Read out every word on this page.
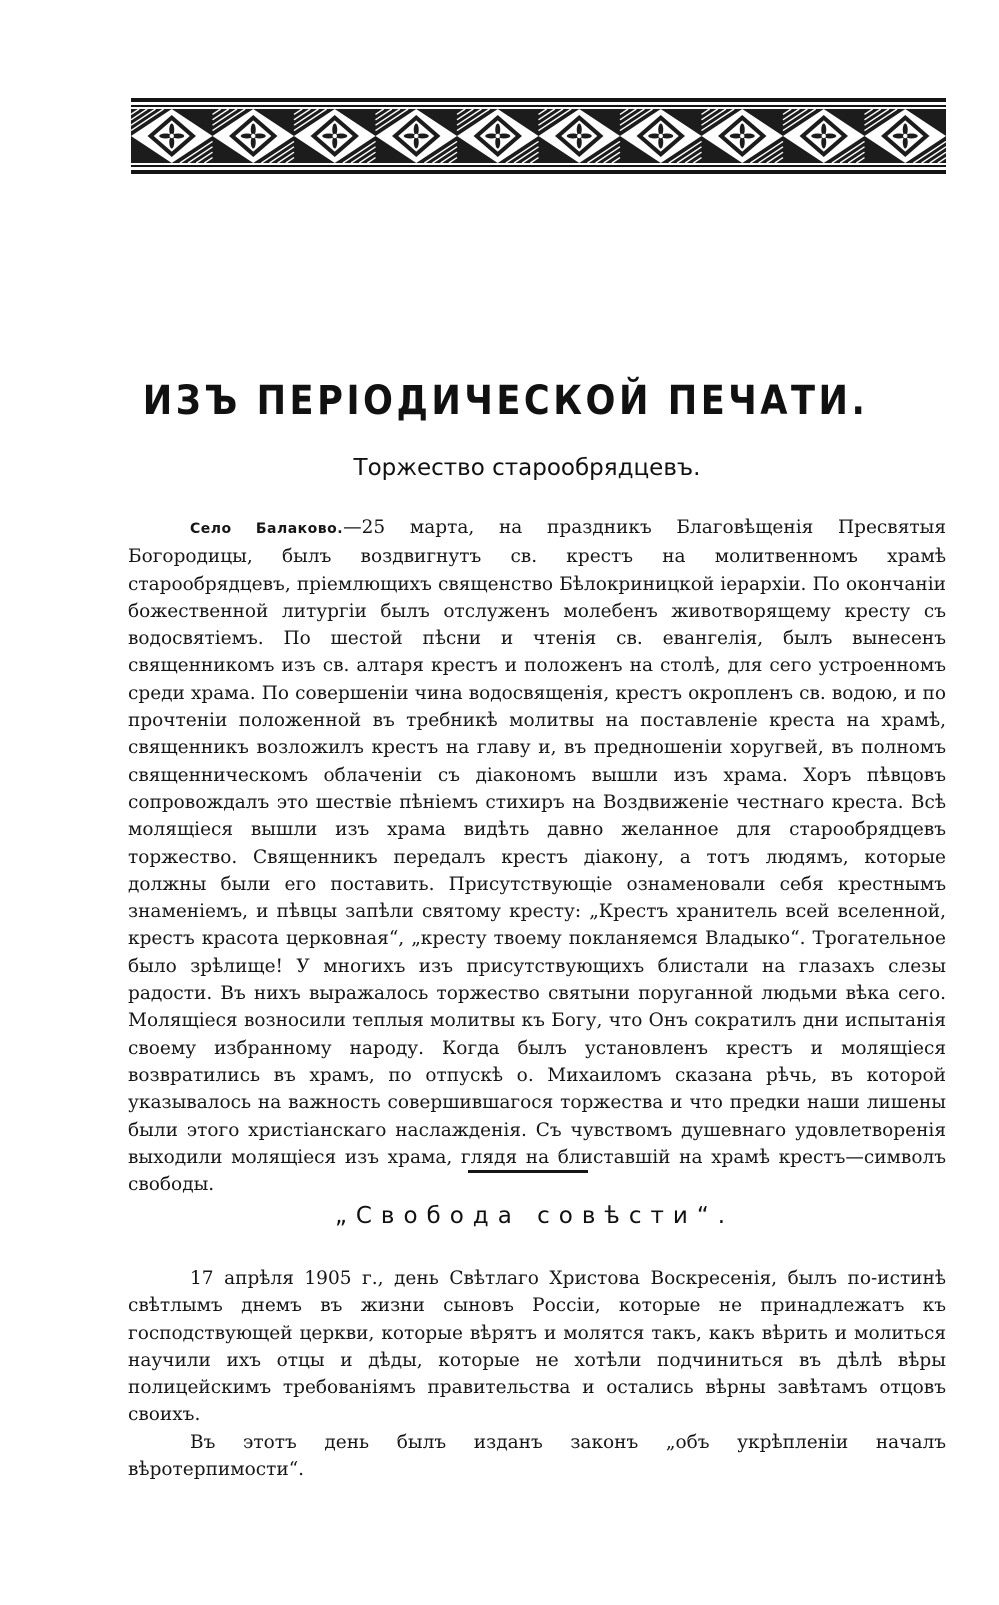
ИЗЪ ПЕРІОДИЧЕСКОЙ ПЕЧАТИ.
Торжество старообрядцевъ.

Село Балаково.—25 марта, на праздникъ Благовѣщенія Пресвятыя Богородицы, былъ воздвигнутъ св. крестъ на молитвенномъ храмѣ старообрядцевъ, пріемлющихъ священство Бѣлокриницкой іерархіи. По окончаніи божественной литургіи былъ отслуженъ молебенъ животворящему кресту съ водосвятіемъ. По шестой пѣсни и чтенія св. евангелія, былъ вынесенъ священникомъ изъ св. алтаря крестъ и положенъ на столѣ, для сего устроенномъ среди храма. По совершеніи чина водосвященія, крестъ окропленъ св. водою, и по прочтеніи положенной въ требникѣ молитвы на поставленіе креста на храмѣ, священникъ возложилъ крестъ на главу и, въ предношеніи хоругвей, въ полномъ священническомъ облаченіи съ діакономъ вышли изъ храма. Хоръ пѣвцовъ сопровождалъ это шествіе пѣніемъ стихиръ на Воздвиженіе честнаго креста. Всѣ молящіеся вышли изъ храма видѣть давно желанное для старообрядцевъ торжество. Священникъ передалъ крестъ діакону, а тотъ людямъ, которые должны были его поставить. Присутствующіе ознаменовали себя крестнымъ знаменіемъ, и пѣвцы запѣли святому кресту: „Крестъ хранитель всей вселенной, крестъ красота церковная“, „кресту твоему покланяемся Владыко“. Трогательное было зрѣлище! У многихъ изъ присутствующихъ блистали на глазахъ слезы радости. Въ нихъ выражалось торжество святыни поруганной людьми вѣка сего. Молящіеся возносили теплыя молитвы къ Богу, что Онъ сократилъ дни испытанія своему избранному народу. Когда былъ установленъ крестъ и молящіеся возвратились въ храмъ, по отпускѣ о. Михаиломъ сказана рѣчь, въ которой указывалось на важность совершившагося торжества и что предки наши лишены были этого христіанскаго наслажденія. Съ чувствомъ душевнаго удовлетворенія выходили молящіеся изъ храма, глядя на блиставшій на храмѣ крестъ—символъ свободы.

„Свобода совѣсти“.

17 апрѣля 1905 г., день Свѣтлаго Христова Воскресенія, былъ по-истинѣ свѣтлымъ днемъ въ жизни сыновъ Россіи, которые не принадлежатъ къ господствующей церкви, которые вѣрятъ и молятся такъ, какъ вѣрить и молиться научили ихъ отцы и дѣды, которые не хотѣли подчиниться въ дѣлѣ вѣры полицейскимъ требованіямъ правительства и остались вѣрны завѣтамъ отцовъ своихъ.

Въ этотъ день былъ изданъ законъ „объ укрѣпленіи началъ вѣротерпимости“.
